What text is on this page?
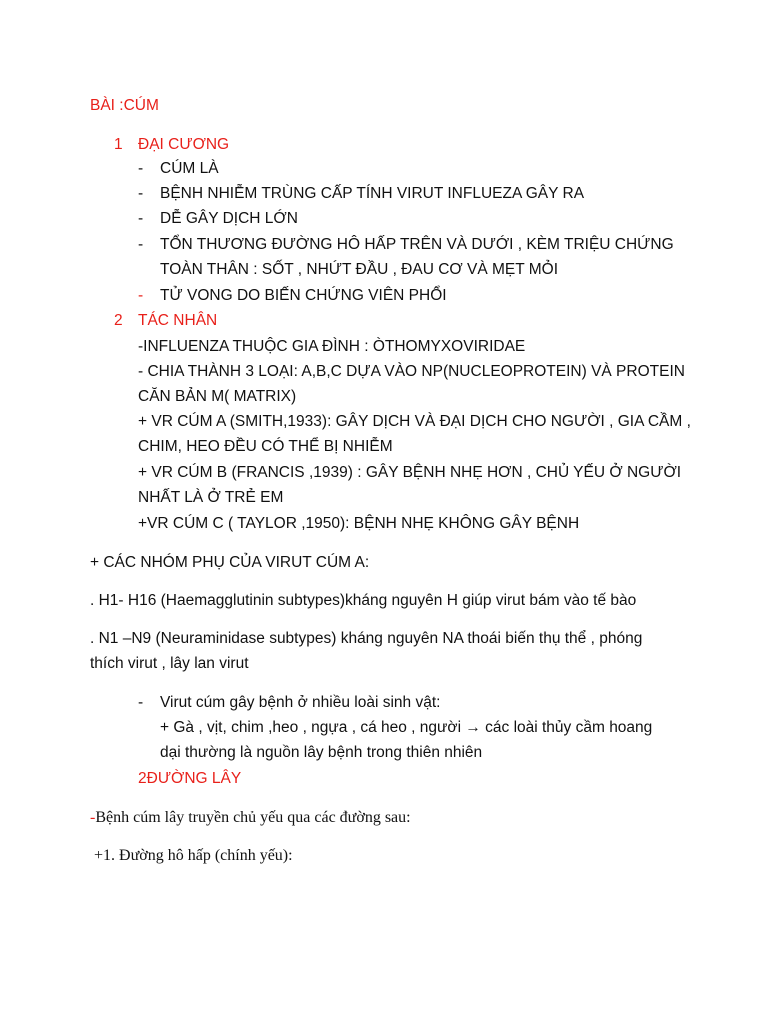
BÀI :CÚM
1 ĐẠI CƯƠNG
- CÚM LÀ
- BỆNH NHIỄM TRÙNG CẤP TÍNH VIRUT INFLUEZA GÂY RA
- DỄ GÂY DỊCH LỚN
- TỔN THƯƠNG ĐƯỜNG HÔ HẤP TRÊN VÀ DƯỚI , KÈM TRIỆU CHỨNG
TOÀN THÂN : SỐT , NHỨT ĐẦU , ĐAU CƠ VÀ MẸT MỎI
- TỬ VONG DO BIẾN CHỨNG VIÊN PHỔI
2 TÁC NHÂN
-INFLUENZA THUỘC GIA ĐÌNH : ÒTHOMYXOVIRIDAE
- CHIA THÀNH 3 LOẠI: A,B,C DỰA VÀO NP(NUCLEOPROTEIN) VÀ PROTEIN
CĂN BẢN M( MATRIX)
+ VR CÚM A (SMITH,1933): GÂY DỊCH VÀ ĐẠI DỊCH CHO NGƯỜI , GIA CẦM ,
CHIM, HEO ĐỀU CÓ THỂ BỊ NHIỄM
+ VR CÚM B (FRANCIS ,1939) : GÂY BỆNH NHẸ HƠN , CHỦ YẾU Ở NGƯỜI
NHẤT LÀ Ở TRẺ EM
+VR CÚM C ( TAYLOR ,1950): BỆNH NHẸ KHÔNG GÂY BỆNH
+ CÁC NHÓM PHỤ CỦA VIRUT CÚM A:
. H1- H16 (Haemagglutinin subtypes)kháng nguyên H giúp virut bám vào tế bào
. N1 –N9 (Neuraminidase subtypes) kháng nguyên NA thoái biến thụ thể , phóng
thích virut , lây lan virut
- Virut cúm gây bệnh ở nhiều loài sinh vật:
+ Gà , vịt, chim ,heo , ngựa , cá heo , người → các loài thủy cầm hoang
dại thường là nguồn lây bệnh trong thiên nhiên
2ĐƯỜNG LÂY
-Bệnh cúm lây truyền chủ yếu qua các đường sau:
+1. Đường hô hấp (chính yếu):
